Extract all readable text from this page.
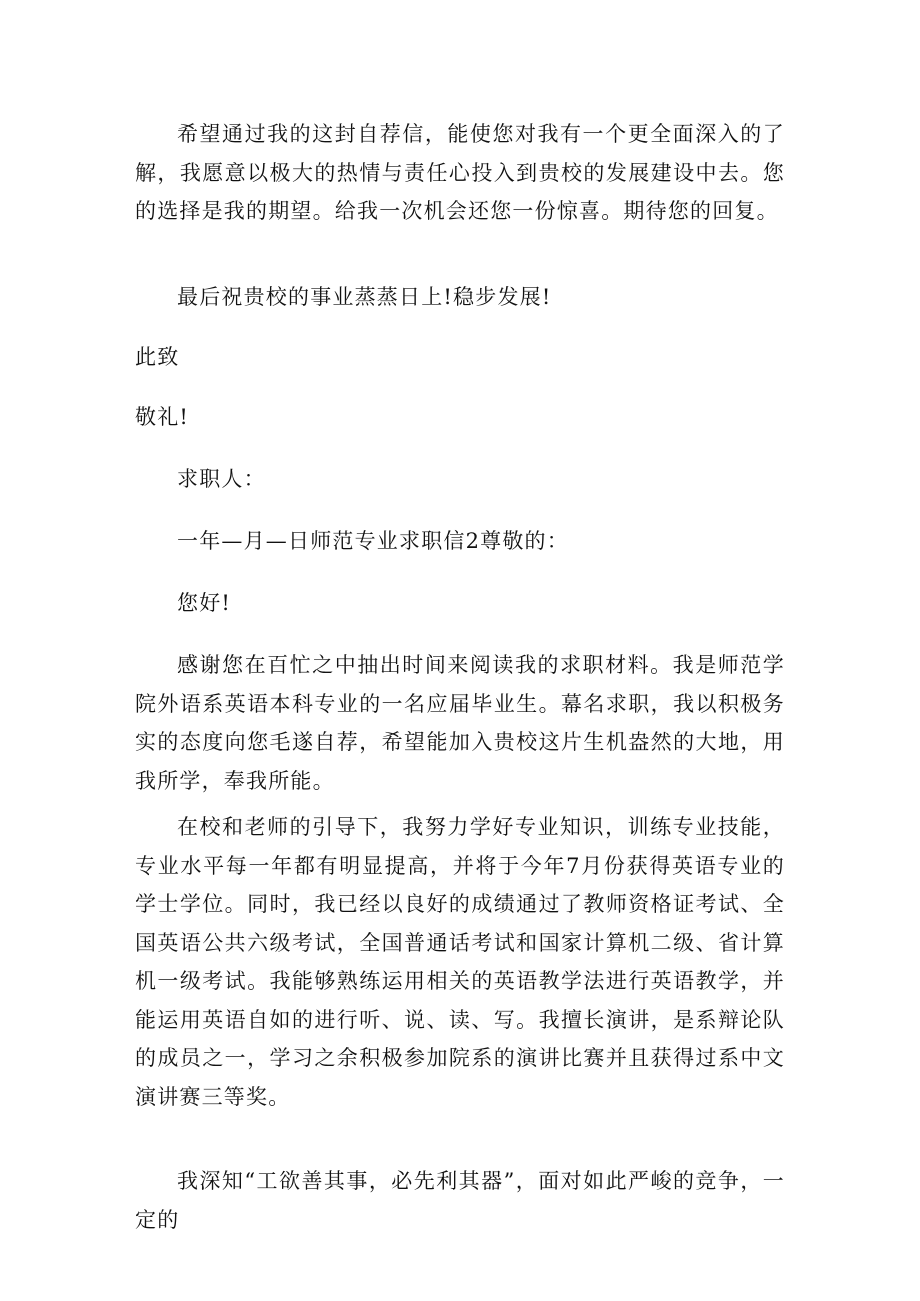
希望通过我的这封自荐信，能使您对我有一个更全面深入的了解，我愿意以极大的热情与责任心投入到贵校的发展建设中去。您的选择是我的期望。给我一次机会还您一份惊喜。期待您的回复。

最后祝贵校的事业蒸蒸日上!稳步发展!

此致

敬礼!

求职人：

一年—月—日师范专业求职信2尊敬的：

您好!

感谢您在百忙之中抽出时间来阅读我的求职材料。我是师范学院外语系英语本科专业的一名应届毕业生。幕名求职，我以积极务实的态度向您毛遂自荐，希望能加入贵校这片生机盎然的大地，用我所学，奉我所能。

在校和老师的引导下，我努力学好专业知识，训练专业技能，专业水平每一年都有明显提高，并将于今年7月份获得英语专业的学士学位。同时，我已经以良好的成绩通过了教师资格证考试、全国英语公共六级考试，全国普通话考试和国家计算机二级、省计算机一级考试。我能够熟练运用相关的英语教学法进行英语教学，并能运用英语自如的进行听、说、读、写。我擅长演讲，是系辩论队的成员之一，学习之余积极参加院系的演讲比赛并且获得过系中文演讲赛三等奖。

我深知“工欲善其事，必先利其器”，面对如此严峻的竞争，一定的
